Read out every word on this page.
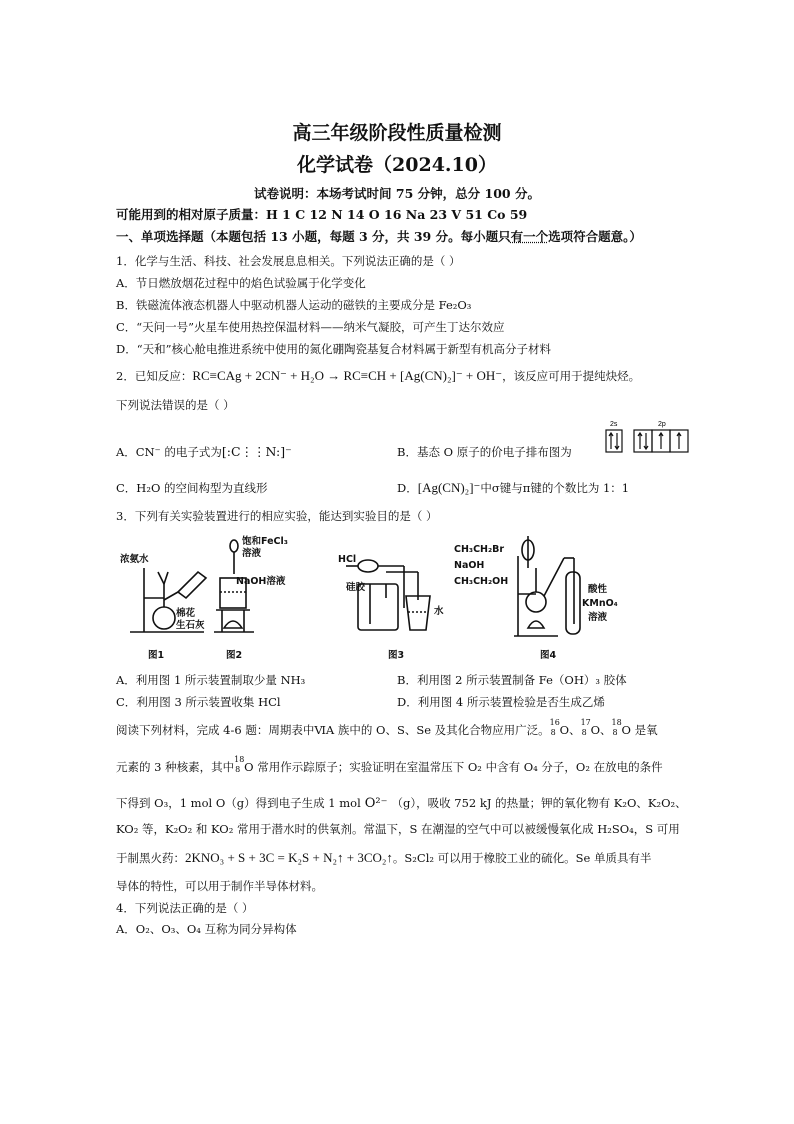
高三年级阶段性质量检测
化学试卷（2024.10）
试卷说明：本场考试时间 75 分钟，总分 100 分。
可能用到的相对原子质量：H 1 C 12 N 14 O 16 Na 23 V 51 Co 59
一、单项选择题（本题包括 13 小题，每题 3 分，共 39 分。每小题只有一个选项符合题意。）
1．化学与生活、科技、社会发展息息相关。下列说法正确的是（ ）
A．节日燃放烟花过程中的焰色试验属于化学变化
B．铁磁流体液态机器人中驱动机器人运动的磁铁的主要成分是 Fe₂O₃
C．“天问一号”火星车使用热控保温材料——纳米气凝胶，可产生丁达尔效应
D．“天和”核心舱电推进系统中使用的氮化硼陶瓷基复合材料属于新型有机高分子材料
2．已知反应：RC≡CAg + 2CN⁻ + H₂O → RC≡CH + [Ag(CN)₂]⁻ + OH⁻，该反应可用于提纯炔烃。
下列说法错误的是（ ）
A．CN⁻ 的电子式为[:C⋮⋮N:]⁻	B．基态 O 原子的价电子排布图为
2s	2p
C．H₂O 的空间构型为直线形	D．[Ag(CN)₂]⁻中σ键与π键的个数比为 1：1
3．下列有关实验装置进行的相应实验，能达到实验目的是（ ）
浓氨水
棉花
生石灰
饱和FeCl₃
溶液
NaOH溶液
HCl
硅胶
水
CH₃CH₂Br
NaOH
CH₃CH₂OH
酸性
KMnO₄
溶液
图1	图2	图3	图4
A．利用图 1 所示装置制取少量 NH₃	B．利用图 2 所示装置制备 Fe（OH）₃ 胶体
C．利用图 3 所示装置收集 HCl	D．利用图 4 所示装置检验是否生成乙烯
阅读下列材料，完成 4-6 题：周期表中ⅥA 族中的 O、S、Se 及其化合物应用广泛。
16
8 O、
17
8 O、
18
8 O 是氧
元素的 3 种核素，其中
18
8 O 常用作示踪原子；实验证明在室温常压下 O₂ 中含有 O₄ 分子，O₂ 在放电的条件
下得到 O₃，1 mol O（g）得到电子生成 1 mol O²⁻ （g），吸收 752 kJ 的热量；钾的氧化物有 K₂O、K₂O₂、
KO₂ 等，K₂O₂ 和 KO₂ 常用于潜水时的供氧剂。常温下，S 在潮湿的空气中可以被缓慢氧化成 H₂SO₄，S 可用
于制黑火药：2KNO₃ + S + 3C = K₂S + N₂↑ + 3CO₂↑。S₂Cl₂ 可以用于橡胶工业的硫化。Se 单质具有半
导体的特性，可以用于制作半导体材料。
4．下列说法正确的是（ ）
A．O₂、O₃、O₄ 互称为同分异构体
